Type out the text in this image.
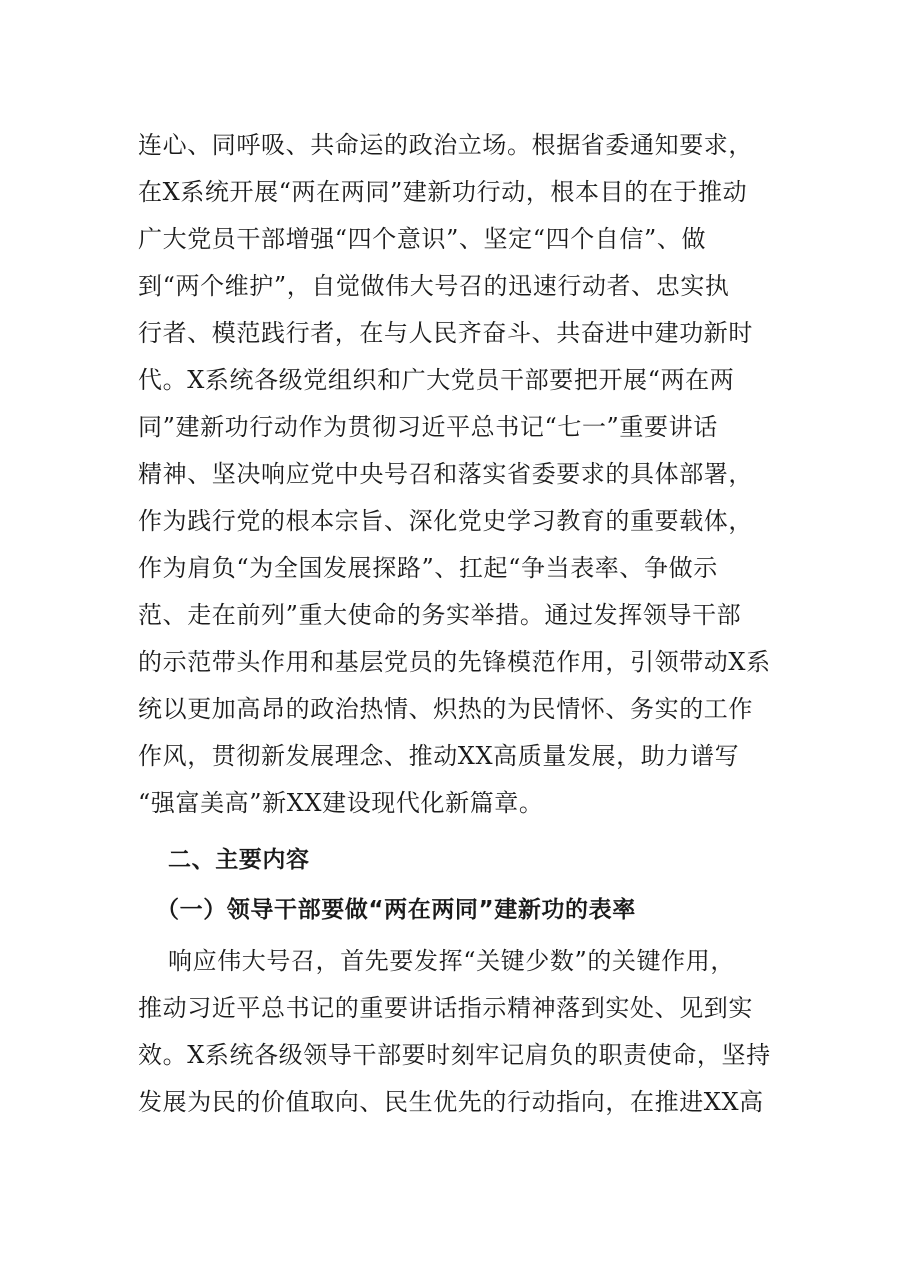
连心、同呼吸、共命运的政治立场。根据省委通知要求，
在X系统开展“两在两同”建新功行动，根本目的在于推动
广大党员干部增强“四个意识”、坚定“四个自信”、做
到“两个维护”，自觉做伟大号召的迅速行动者、忠实执
行者、模范践行者，在与人民齐奋斗、共奋进中建功新时
代。X系统各级党组织和广大党员干部要把开展“两在两
同”建新功行动作为贯彻习近平总书记“七一”重要讲话
精神、坚决响应党中央号召和落实省委要求的具体部署，
作为践行党的根本宗旨、深化党史学习教育的重要载体，
作为肩负“为全国发展探路”、扛起“争当表率、争做示
范、走在前列”重大使命的务实举措。通过发挥领导干部
的示范带头作用和基层党员的先锋模范作用，引领带动X系
统以更加高昂的政治热情、炽热的为民情怀、务实的工作
作风，贯彻新发展理念、推动XX高质量发展，助力谱写
“强富美高”新XX建设现代化新篇章。
二、主要内容
（一）领导干部要做“两在两同”建新功的表率
响应伟大号召，首先要发挥“关键少数”的关键作用，
推动习近平总书记的重要讲话指示精神落到实处、见到实
效。X系统各级领导干部要时刻牢记肩负的职责使命，坚持
发展为民的价值取向、民生优先的行动指向，在推进XX高
